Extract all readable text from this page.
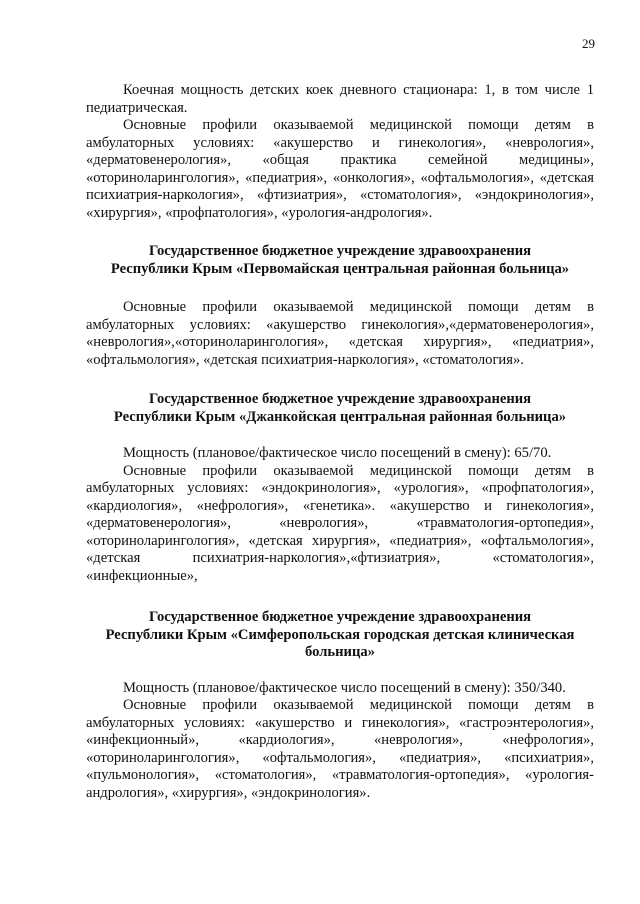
29

Коечная мощность детских коек дневного стационара: 1, в том числе 1 педиатрическая.

Основные профили оказываемой медицинской помощи детям в амбулаторных условиях: «акушерство и гинекология», «неврология», «дерматовенерология», «общая практика семейной медицины», «оториноларингология», «педиатрия», «онкология», «офтальмология», «детская психиатрия-наркология», «фтизиатрия», «стоматология», «эндокринология», «хирургия», «профпатология», «урология-андрология».

Государственное бюджетное учреждение здравоохранения
Республики Крым «Первомайская центральная районная больница»

Основные профили оказываемой медицинской помощи детям в амбулаторных условиях: «акушерство гинекология»,«дерматовенерология», «неврология»,«оториноларингология», «детская хирургия», «педиатрия», «офтальмология», «детская психиатрия-наркология», «стоматология».

Государственное бюджетное учреждение здравоохранения
Республики Крым «Джанкойская центральная районная больница»

Мощность (плановое/фактическое число посещений в смену): 65/70.

Основные профили оказываемой медицинской помощи детям в амбулаторных условиях: «эндокринология», «урология», «профпатология», «кардиология», «нефрология», «генетика». «акушерство и гинекология», «дерматовенерология», «неврология», «травматология-ортопедия», «оториноларингология», «детская хирургия», «педиатрия», «офтальмология», «детская психиатрия-наркология»,«фтизиатрия», «стоматология», «инфекционные»,

Государственное бюджетное учреждение здравоохранения
Республики Крым «Симферопольская городская детская клиническая
больница»

Мощность (плановое/фактическое число посещений в смену): 350/340.

Основные профили оказываемой медицинской помощи детям в амбулаторных условиях: «акушерство и гинекология», «гастроэнтерология», «инфекционный», «кардиология», «неврология», «нефрология», «оториноларингология», «офтальмология», «педиатрия», «психиатрия», «пульмонология», «стоматология», «травматология-ортопедия», «урология-андрология», «хирургия», «эндокринология».
